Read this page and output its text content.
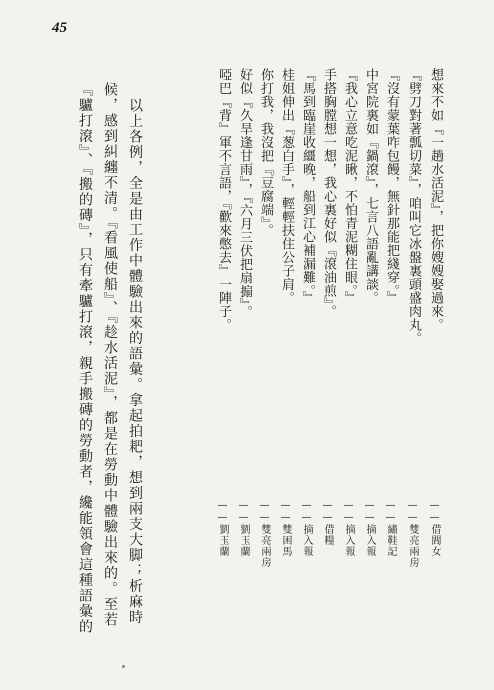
45
想來不如『一趟水活泥』，把你嫂嫂娶過來。
『劈刀對著瓢切菜』，咱叫它冰盤裏頭盛肉丸。
『沒有蒙葉咋包饅，無針那能把綫穿。』
中宮院裏如『鍋滾』，七言八語亂講談。
『我心立意吃泥瞅，不怕青泥糊住眼。』
手搭胸膛想一想，我心裏好似『滾油煎』。
『馬到臨崖收繮晚，船到江心補漏難。』
桂姐伸出『葱白手』，輕輕扶住公子肩。
你打我，我沒把『豆腐端』。
好似『久旱逢甘雨』，『六月三伏把扇搧』。
啞巴『背』軍不言語，『歡來憋去』一陣子。
——借閻女
——雙亮兩房
——繡鞋記
——摘入報
——摘入報
——借糧
——摘入報
——雙困馬
——雙亮兩房
——劉玉蘭
——劉玉蘭
以上各例，全是由工作中體驗出來的語彙。拿起拍耙，想到兩支大脚；析麻時
候，感到糾纏不清。『看風使船』、『趁水活泥』，都是在勞動中體驗出來的。至若
『驢打滾』、『搬的磚』，只有牽驢打滾，親手搬磚的勞動者，纔能領會這種語彙的
